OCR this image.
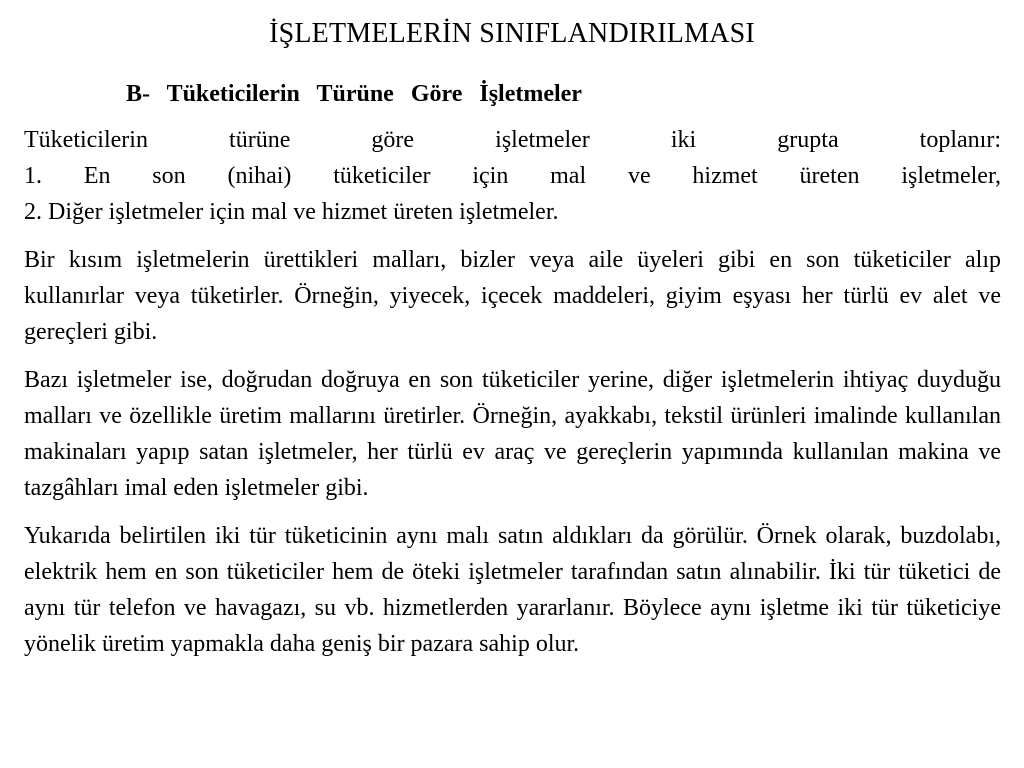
İŞLETMELERİN SINIFLANDIRILMASI
B- Tüketicilerin Türüne Göre İşletmeler
Tüketicilerin türüne göre işletmeler iki grupta toplanır:
1. En son (nihai) tüketiciler için mal ve hizmet üreten işletmeler,
2. Diğer işletmeler için mal ve hizmet üreten işletmeler.

Bir kısım işletmelerin ürettikleri malları, bizler veya aile üyeleri gibi en son tüketiciler alıp kullanırlar veya tüketirler. Örneğin, yiyecek, içecek maddeleri, giyim eşyası her türlü ev alet ve gereçleri gibi.

Bazı işletmeler ise, doğrudan doğruya en son tüketiciler yerine, diğer işletmelerin ihtiyaç duyduğu malları ve özellikle üretim mallarını üretirler. Örneğin, ayakkabı, tekstil ürünleri imalinde kullanılan makinaları yapıp satan işletmeler, her türlü ev araç ve gereçlerin yapımında kullanılan makina ve tazgâhları imal eden işletmeler gibi.

Yukarıda belirtilen iki tür tüketicinin aynı malı satın aldıkları da görülür. Örnek olarak, buzdolabı, elektrik hem en son tüketiciler hem de öteki işletmeler tarafından satın alınabilir. İki tür tüketici de aynı tür telefon ve havagazı, su vb. hizmetlerden yararlanır. Böylece aynı işletme iki tür tüketiciye yönelik üretim yapmakla daha geniş bir pazara sahip olur.
